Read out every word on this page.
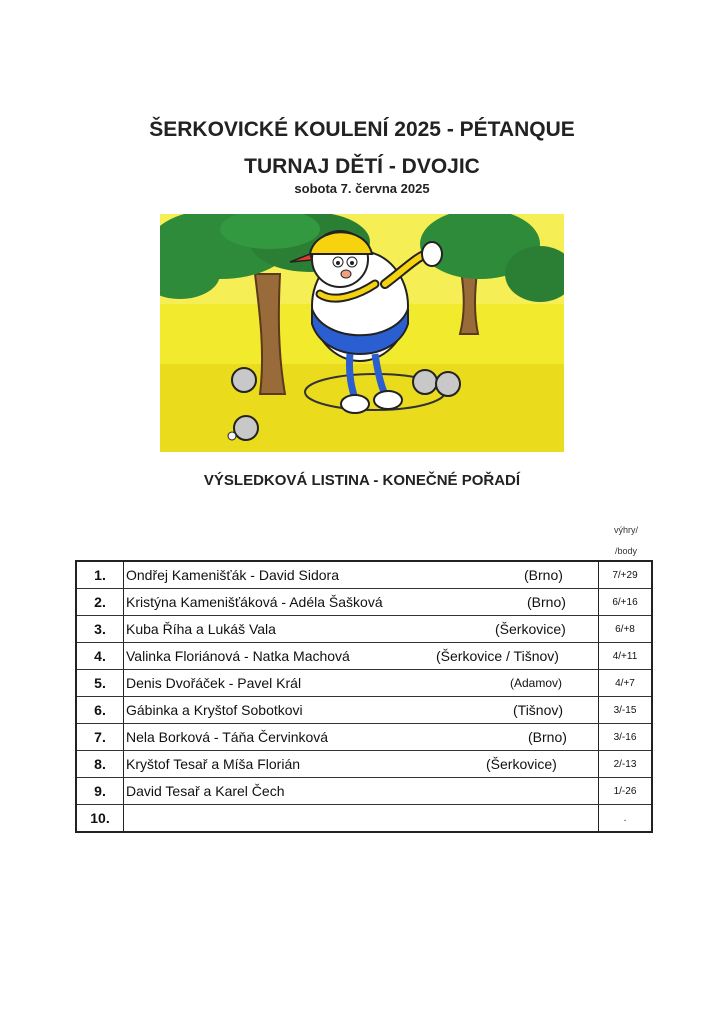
ŠERKOVICKÉ KOULENÍ 2025 - PÉTANQUE
TURNAJ DĚTÍ - DVOJIC
sobota 7. června 2025
VÝSLEDKOVÁ LISTINA - KONEČNÉ POŘADÍ
výhry/
/body
1.	Ondřej Kamenišťák - David Sidora (Brno)	7/+29
2.	Kristýna Kamenišťáková - Adéla Šašková (Brno)	6/+16
3.	Kuba Říha a Lukáš Vala (Šerkovice)	6/+8
4.	Valinka Floriánová - Natka Machová (Šerkovice / Tišnov)	4/+11
5.	Denis Dvořáček - Pavel Král (Adamov)	4/+7
6.	Gábinka a Kryštof Sobotkovi (Tišnov)	3/-15
7.	Nela Borková - Táňa Červinková (Brno)	3/-16
8.	Kryštof Tesař a Míša Florián (Šerkovice)	2/-13
9.	David Tesař a Karel Čech	1/-26
10.		.
